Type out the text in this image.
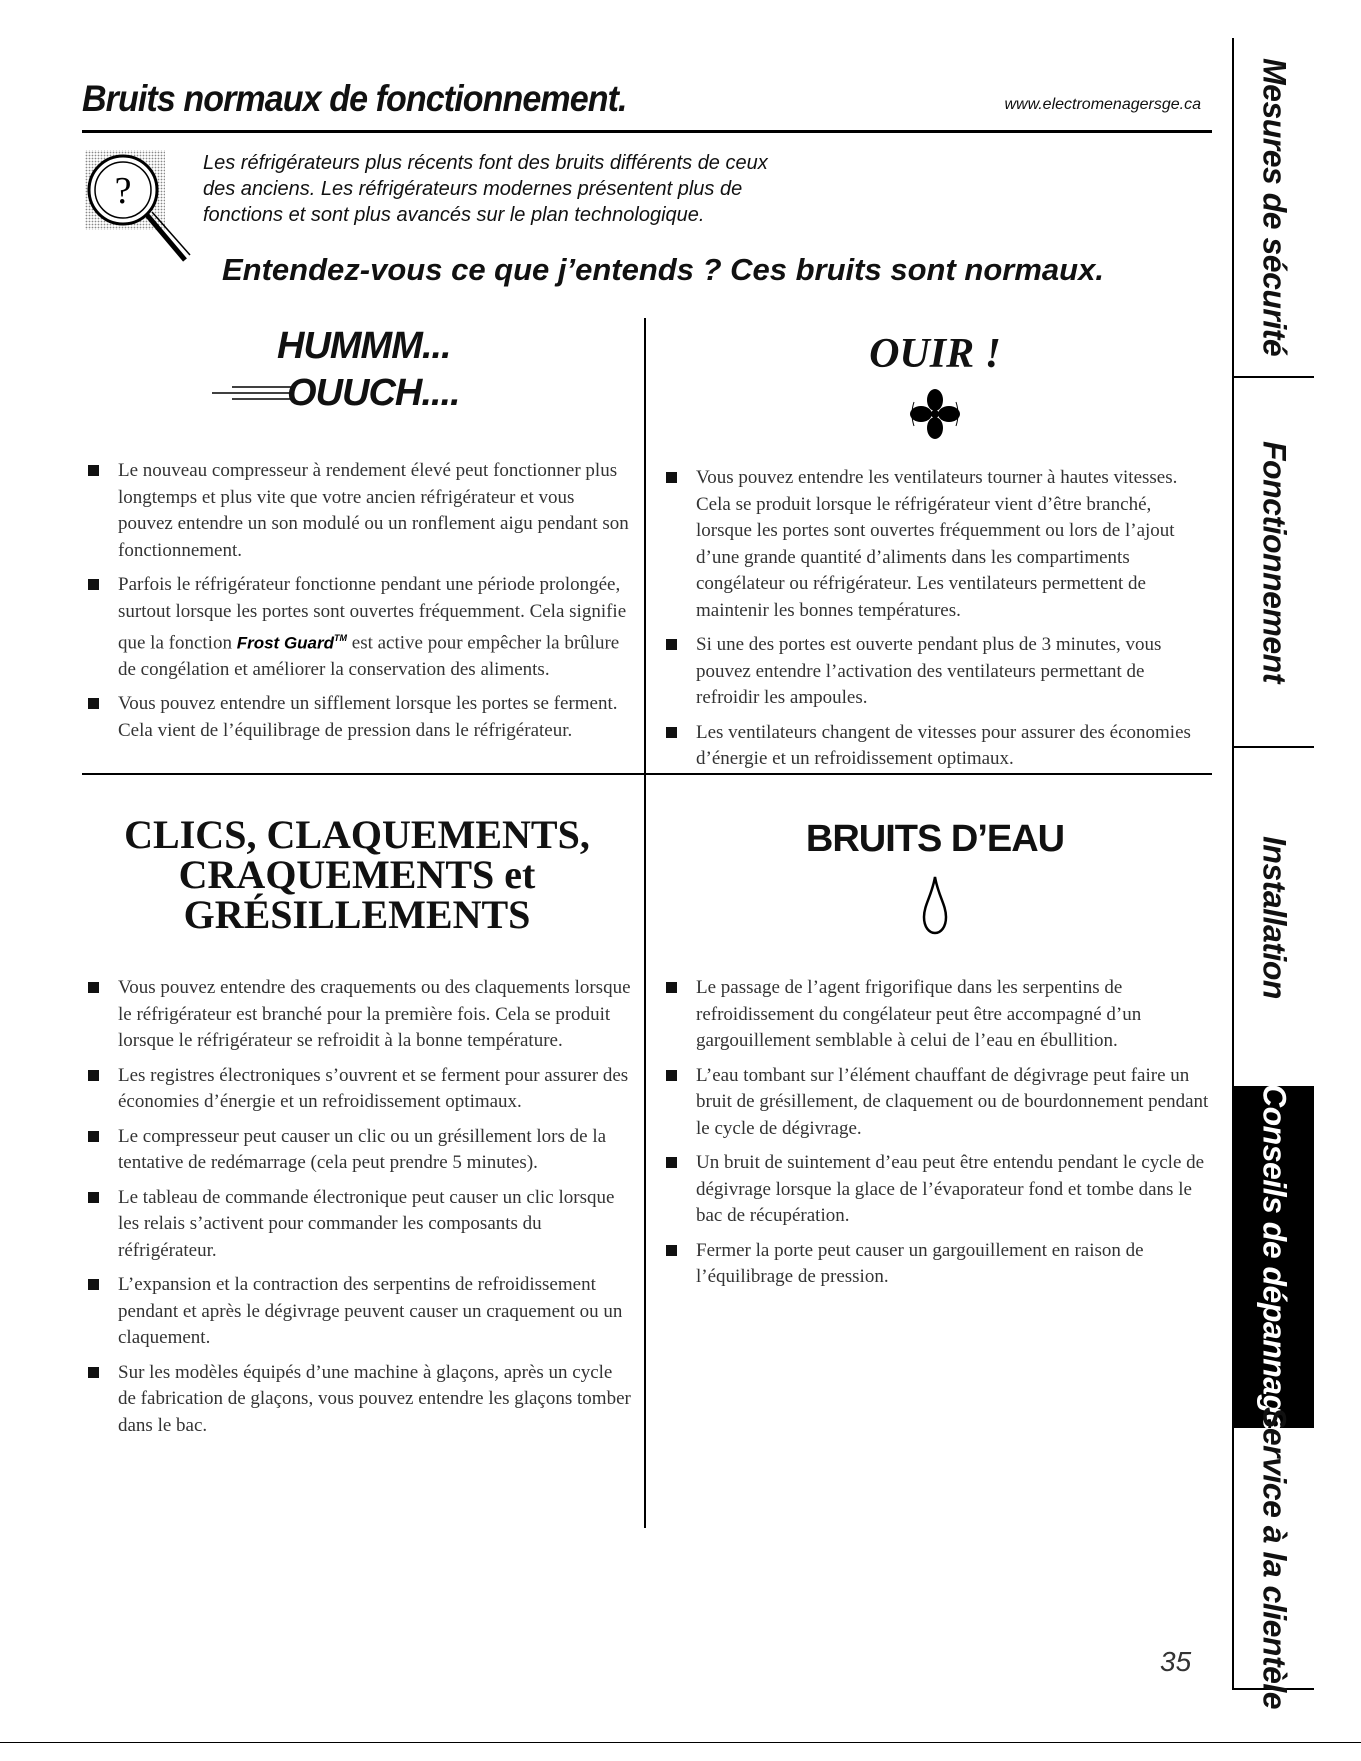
Bruits normaux de fonctionnement.	www.electromenagersge.ca
?

Les réfrigérateurs plus récents font des bruits différents de ceux

des anciens. Les réfrigérateurs modernes présentent plus de

fonctions et sont plus avancés sur le plan technologique.

Entendez-vous ce que j’entends ? Ces bruits sont normaux.
HUMMM...
OUUCH....
Le nouveau compresseur à rendement élevé peut fonctionner plus longtemps et plus vite que votre ancien réfrigérateur et vous pouvez entendre un son modulé ou un ronflement aigu pendant son fonctionnement.
Parfois le réfrigérateur fonctionne pendant une période prolongée, surtout lorsque les portes sont ouvertes fréquemment. Cela signifie que la fonction Frost Guard™ est active pour empêcher la brûlure de congélation et améliorer la conservation des aliments.
Vous pouvez entendre un sifflement lorsque les portes se ferment. Cela vient de l’équilibrage de pression dans le réfrigérateur.
OUIR !
Vous pouvez entendre les ventilateurs tourner à hautes vitesses. Cela se produit lorsque le réfrigérateur vient d’être branché, lorsque les portes sont ouvertes fréquemment ou lors de l’ajout d’une grande quantité d’aliments dans les compartiments congélateur ou réfrigérateur. Les ventilateurs permettent de maintenir les bonnes températures.
Si une des portes est ouverte pendant plus de 3 minutes, vous pouvez entendre l’activation des ventilateurs permettant de refroidir les ampoules.
Les ventilateurs changent de vitesses pour assurer des économies d’énergie et un refroidissement optimaux.
CLICS, CLAQUEMENTS,
CRAQUEMENTS et
GRÉSILLEMENTS
Vous pouvez entendre des craquements ou des claquements lorsque le réfrigérateur est branché pour la première fois. Cela se produit lorsque le réfrigérateur se refroidit à la bonne température.
Les registres électroniques s’ouvrent et se ferment pour assurer des économies d’énergie et un refroidissement optimaux.
Le compresseur peut causer un clic ou un grésillement lors de la tentative de redémarrage (cela peut prendre 5 minutes).
Le tableau de commande électronique peut causer un clic lorsque les relais s’activent pour commander les composants du réfrigérateur.
L’expansion et la contraction des serpentins de refroidissement pendant et après le dégivrage peuvent causer un craquement ou un claquement.
Sur les modèles équipés d’une machine à glaçons, après un cycle de fabrication de glaçons, vous pouvez entendre les glaçons tomber dans le bac.
BRUITS D’EAU
Le passage de l’agent frigorifique dans les serpentins de refroidissement du congélateur peut être accompagné d’un gargouillement semblable à celui de l’eau en ébullition.
L’eau tombant sur l’élément chauffant de dégivrage peut faire un bruit de grésillement, de claquement ou de bourdonnement pendant le cycle de dégivrage.
Un bruit de suintement d’eau peut être entendu pendant le cycle de dégivrage lorsque la glace de l’évaporateur fond et tombe dans le bac de récupération.
Fermer la porte peut causer un gargouillement en raison de l’équilibrage de pression.
Mesures de sécurité
Fonctionnement
Installation
Conseils de dépannage
Service à la clientèle
35
